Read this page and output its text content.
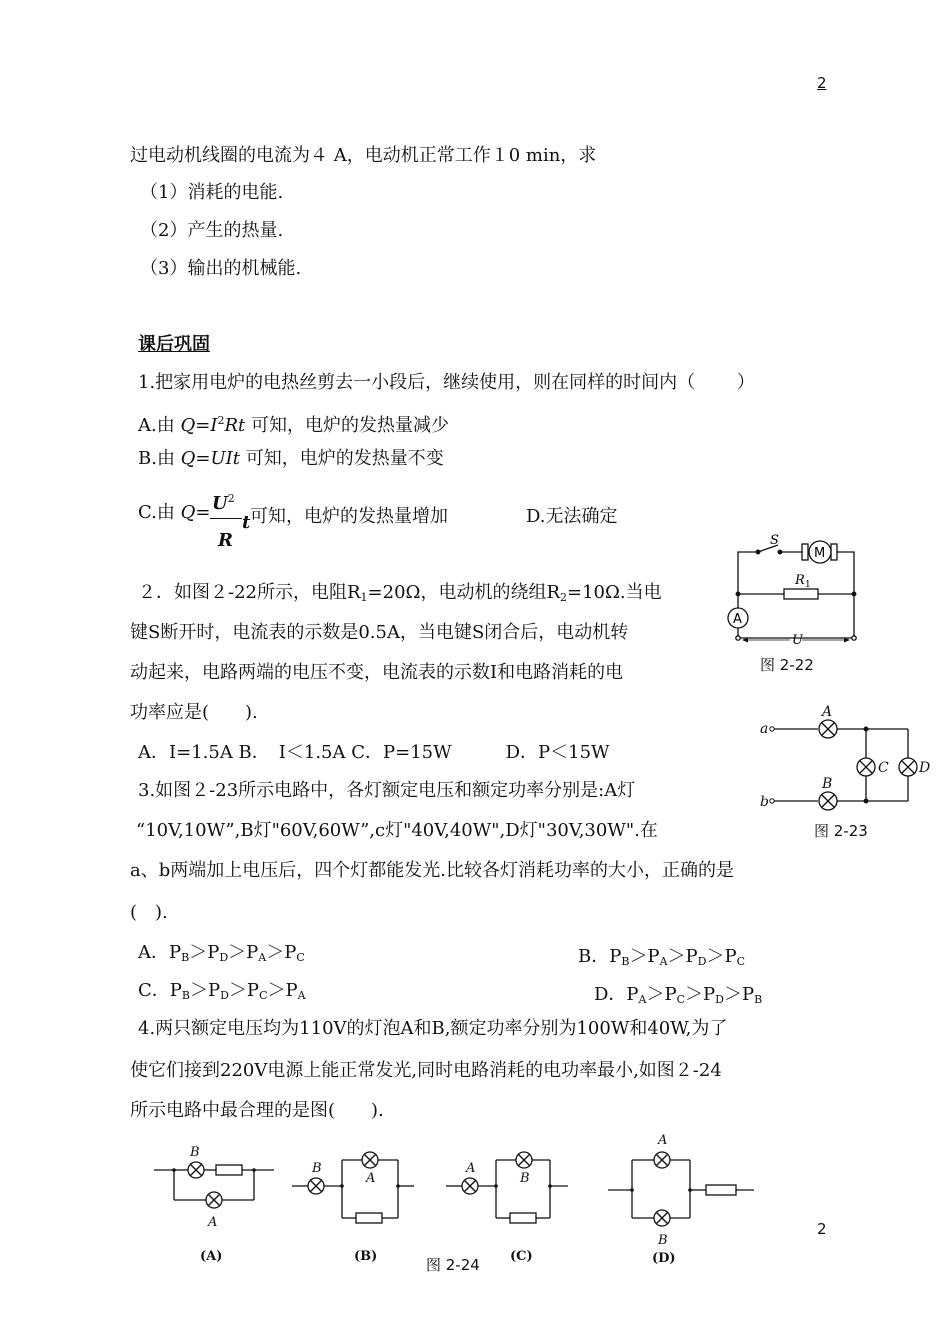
2
2
过电动机线圈的电流为４ A，电动机正常工作１0 min，求
（1）消耗的电能.
（2）产生的热量.
（3）输出的机械能.
课后巩固
1.把家用电炉的电热丝剪去一小段后，继续使用，则在同样的时间内（　　 ）
A.由 $Q=I^2Rt$ 可知，电炉的发热量减少
B.由 Q=UIt 可知，电炉的发热量不变
C.由 $Q= U^2$
R
t 可知，电炉的发热量增加	D.无法确定
２．如图２-22所示，电阻$R_1=20\Omega$，电动机的绕组$R_2=10\Omega$.当电
键S断开时，电流表的示数是0.5A，当电键S闭合后，电动机转
动起来，电路两端的电压不变，电流表的示数I和电路消耗的电
功率应是(　　).
A．I=1.5A B．　I＜1.5A C．P=15W　　　D．P＜15W
S
M
R 1
A
U
图 2-22
3.如图２-23所示电路中，各灯额定电压和额定功率分别是:A灯
“10V,10W”,B灯"60V,60W”,c灯"40V,40W",D灯"30V,30W".在
a、b两端加上电压后，四个灯都能发光.比较各灯消耗功率的大小，正确的是
(　).
A．$P_B>P_D>P_A>P_C$	B．$P_B>P_A>P_D>P_C$
C．$P_B>P_D>P_C>P_A$	D．$P_A>P_C>P_D>P_B$
a
b
A
B
C D
图 2-23
4.两只额定电压均为110V的灯泡A和B,额定功率分别为100W和40W,为了
使它们接到220V电源上能正常发光,同时电路消耗的电功率最小,如图２-24
所示电路中最合理的是图(　　).
B
A
B
A
A
B
A
B
(A)	(B)	(C)	(D)
图 2-24
